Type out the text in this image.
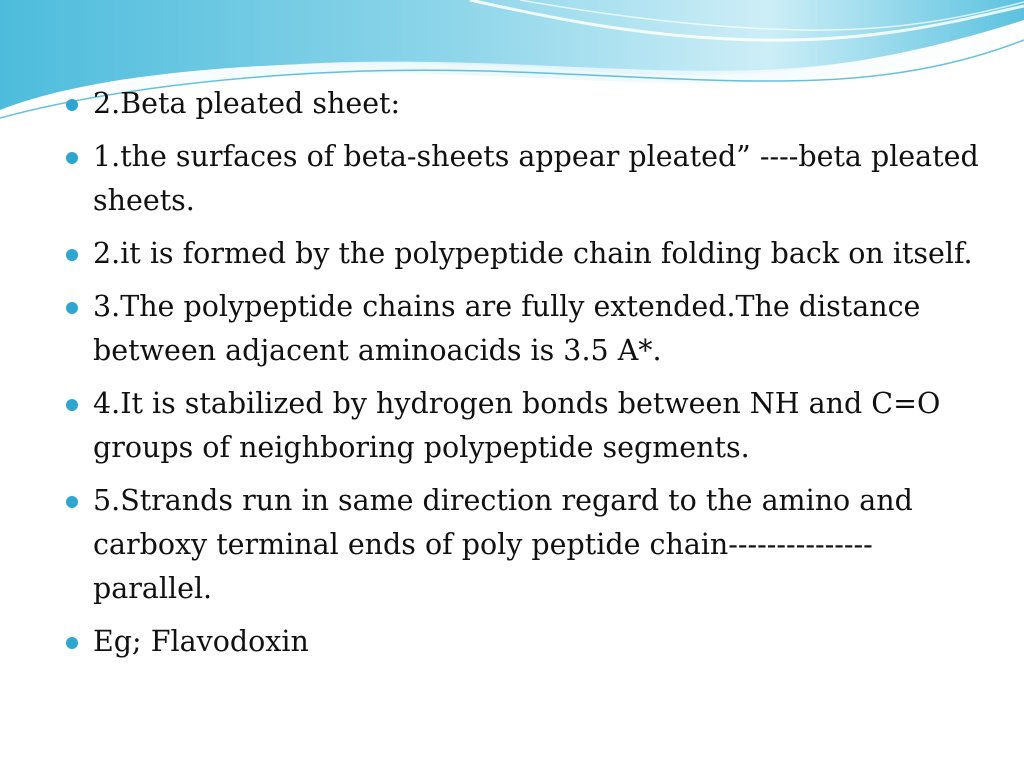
2.Beta pleated sheet:
1.the surfaces of beta-sheets appear pleated” ----beta pleated sheets.
2.it is formed by the polypeptide chain folding back on itself.
3.The polypeptide chains are fully extended.The distance between adjacent aminoacids is 3.5 A*.
4.It is stabilized by hydrogen bonds between NH and C=O groups of neighboring polypeptide segments.
5.Strands run in same direction regard to the amino and carboxy terminal ends of poly peptide chain--------------- parallel.
Eg; Flavodoxin
